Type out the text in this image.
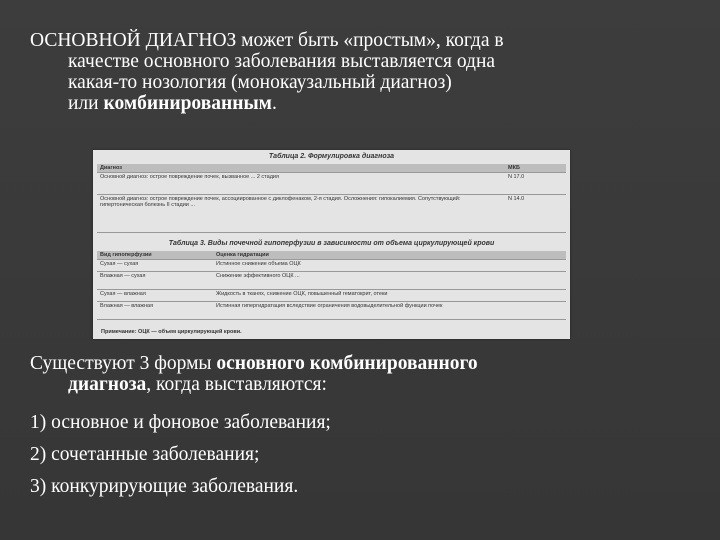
ОСНОВНОЙ ДИАГНОЗ может быть «простым», когда в
качестве основного заболевания выставляется одна
какая-то нозология (монокаузальный диагноз)
или комбинированным.
Таблица 2. Формулировка диагноза
Диагноз	МКБ
Основной диагноз: острое повреждение почек, вызванное ... 2 стадия	N 17.0
Основной диагноз: острое повреждение почек, ассоциированное с диклофенаком, 2-я стадия. Осложнения: гипокалиемия. Сопутствующий: гипертоническая болезнь II стадии ...	N 14.0
Таблица 3. Виды почечной гипоперфузии в зависимости от объема циркулирующей крови
Вид гипоперфузии	Оценка гидратации
Сухая — сухая	Истинное снижение объема ОЦК
Влажная — сухая	Снижение эффективного ОЦК ...
Сухая — влажная	Жидкость в тканях, снижение ОЦК, повышенный гематокрит, отеки
Влажная — влажная	Истинная гипергидратация вследствие ограничения водовыделительной функции почек
Примечание: ОЦК — объем циркулирующей крови.
Существуют 3 формы основного комбинированного
диагноза, когда выставляются:
1) основное и фоновое заболевания;
2) сочетанные заболевания;
3) конкурирующие заболевания.
